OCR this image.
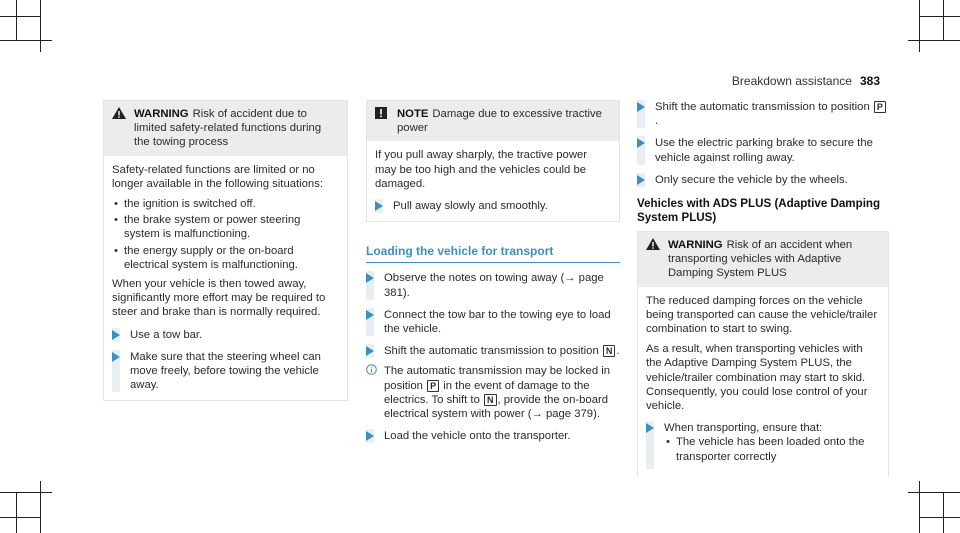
Breakdown assistance 383
WARNING Risk of accident due to limited safety-related functions during the towing process

Safety-related functions are limited or no longer available in the following situations:

• the ignition is switched off.
• the brake system or power steering system is malfunctioning.
• the energy supply or the on-board electrical system is malfunctioning.

When your vehicle is then towed away, significantly more effort may be required to steer and brake than is normally required.

Use a tow bar.
Make sure that the steering wheel can move freely, before towing the vehicle away.
NOTE Damage due to excessive tractive power

If you pull away sharply, the tractive power may be too high and the vehicles could be damaged.

Pull away slowly and smoothly.
Loading the vehicle for transport
Observe the notes on towing away (→ page 381).
Connect the tow bar to the towing eye to load the vehicle.
Shift the automatic transmission to position N .
The automatic transmission may be locked in position P in the event of damage to the electrics. To shift to N , provide the on-board electrical system with power (→ page 379).
Load the vehicle onto the transporter.
Shift the automatic transmission to position P.
Use the electric parking brake to secure the vehicle against rolling away.
Only secure the vehicle by the wheels.
Vehicles with ADS PLUS (Adaptive Damping System PLUS)
WARNING Risk of an accident when transporting vehicles with Adaptive Damping System PLUS

The reduced damping forces on the vehicle being transported can cause the vehicle/trailer combination to start to swing.

As a result, when transporting vehicles with the Adaptive Damping System PLUS, the vehicle/trailer combination may start to skid. Consequently, you could lose control of your vehicle.

When transporting, ensure that:
• The vehicle has been loaded onto the transporter correctly
